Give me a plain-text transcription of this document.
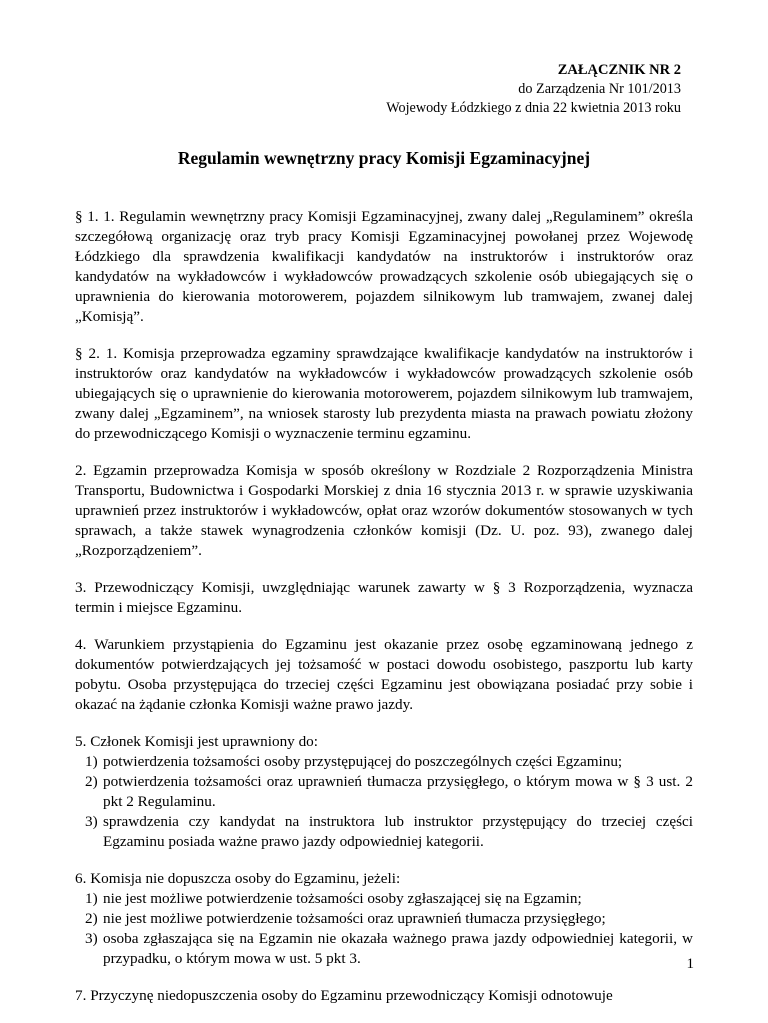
ZAŁĄCZNIK NR 2
do Zarządzenia Nr 101/2013
Wojewody Łódzkiego z dnia 22 kwietnia 2013 roku
Regulamin wewnętrzny pracy Komisji Egzaminacyjnej

§ 1. 1. Regulamin wewnętrzny pracy Komisji Egzaminacyjnej, zwany dalej „Regulaminem” określa szczegółową organizację oraz tryb pracy Komisji Egzaminacyjnej powołanej przez Wojewodę Łódzkiego dla sprawdzenia kwalifikacji kandydatów na instruktorów i instruktorów oraz kandydatów na wykładowców i wykładowców prowadzących szkolenie osób ubiegających się o uprawnienia do kierowania motorowerem, pojazdem silnikowym lub tramwajem, zwanej dalej „Komisją”.

§ 2. 1. Komisja przeprowadza egzaminy sprawdzające kwalifikacje kandydatów na instruktorów i instruktorów oraz kandydatów na wykładowców i wykładowców prowadzących szkolenie osób ubiegających się o uprawnienie do kierowania motorowerem, pojazdem silnikowym lub tramwajem, zwany dalej „Egzaminem”, na wniosek starosty lub prezydenta miasta na prawach powiatu złożony do przewodniczącego Komisji o wyznaczenie terminu egzaminu.

2. Egzamin przeprowadza Komisja w sposób określony w Rozdziale 2 Rozporządzenia Ministra Transportu, Budownictwa i Gospodarki Morskiej z dnia 16 stycznia 2013 r. w sprawie uzyskiwania uprawnień przez instruktorów i wykładowców, opłat oraz wzorów dokumentów stosowanych w tych sprawach, a także stawek wynagrodzenia członków komisji (Dz. U. poz. 93), zwanego dalej „Rozporządzeniem”.

3. Przewodniczący Komisji, uwzględniając warunek zawarty w § 3 Rozporządzenia, wyznacza termin i miejsce Egzaminu.

4. Warunkiem przystąpienia do Egzaminu jest okazanie przez osobę egzaminowaną jednego z dokumentów potwierdzających jej tożsamość w postaci dowodu osobistego, paszportu lub karty pobytu. Osoba przystępująca do trzeciej części Egzaminu jest obowiązana posiadać przy sobie i okazać na żądanie członka Komisji ważne prawo jazdy.

5. Członek Komisji jest uprawniony do:
1) potwierdzenia tożsamości osoby przystępującej do poszczególnych części Egzaminu;
2) potwierdzenia tożsamości oraz uprawnień tłumacza przysięgłego, o którym mowa w § 3 ust. 2 pkt 2 Regulaminu.
3) sprawdzenia czy kandydat na instruktora lub instruktor przystępujący do trzeciej części Egzaminu posiada ważne prawo jazdy odpowiedniej kategorii.
6. Komisja nie dopuszcza osoby do Egzaminu, jeżeli:
1) nie jest możliwe potwierdzenie tożsamości osoby zgłaszającej się na Egzamin;
2) nie jest możliwe potwierdzenie tożsamości oraz uprawnień tłumacza przysięgłego;
3) osoba zgłaszająca się na Egzamin nie okazała ważnego prawa jazdy odpowiedniej kategorii, w przypadku, o którym mowa w ust. 5 pkt 3.

7. Przyczynę niedopuszczenia osoby do Egzaminu przewodniczący Komisji odnotowuje

1
